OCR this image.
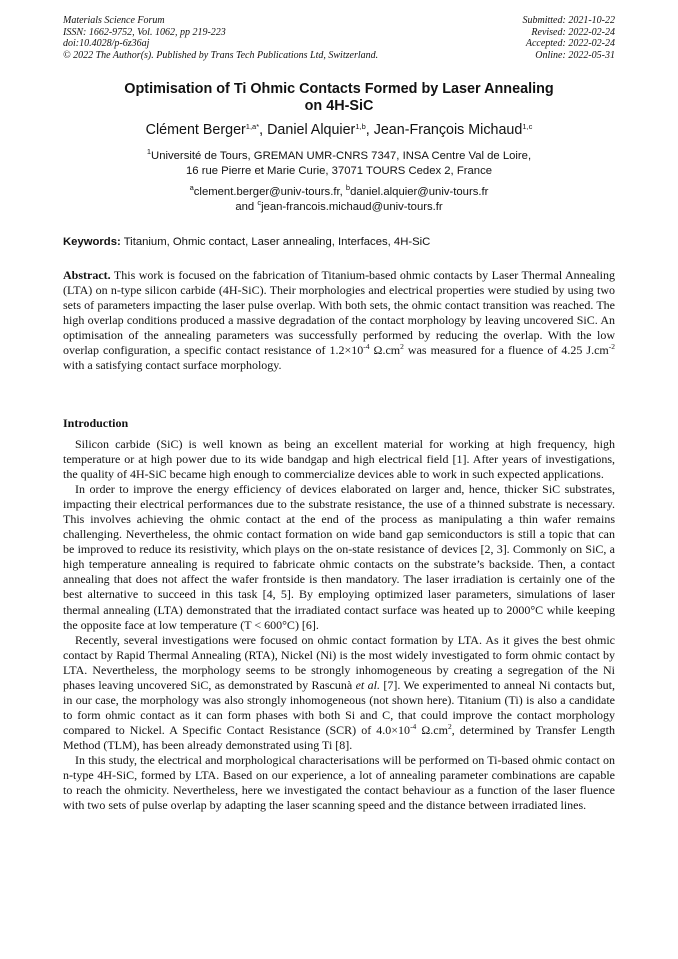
Materials Science Forum
ISSN: 1662-9752, Vol. 1062, pp 219-223
doi:10.4028/p-6z36aj
© 2022 The Author(s). Published by Trans Tech Publications Ltd, Switzerland.
Submitted: 2021-10-22
Revised: 2022-02-24
Accepted: 2022-02-24
Online: 2022-05-31
Optimisation of Ti Ohmic Contacts Formed by Laser Annealing
on 4H-SiC
Clément Berger$^{1,a*}$, Daniel Alquier$^{1,b}$, Jean-François Michaud$^{1,c}$
$^1$Université de Tours, GREMAN UMR-CNRS 7347, INSA Centre Val de Loire,
16 rue Pierre et Marie Curie, 37071 TOURS Cedex 2, France
$^a$clement.berger@univ-tours.fr, $^b$daniel.alquier@univ-tours.fr
and $^c$jean-francois.michaud@univ-tours.fr
Keywords: Titanium, Ohmic contact, Laser annealing, Interfaces, 4H-SiC

Abstract. This work is focused on the fabrication of Titanium-based ohmic contacts by Laser Thermal Annealing (LTA) on n-type silicon carbide (4H-SiC). Their morphologies and electrical properties were studied by using two sets of parameters impacting the laser pulse overlap. With both sets, the ohmic contact transition was reached. The high overlap conditions produced a massive degradation of the contact morphology by leaving uncovered SiC. An optimisation of the annealing parameters was successfully performed by reducing the overlap. With the low overlap configuration, a specific contact resistance of $1.2\times 10^{-4}$ $\Omega.cm^2$ was measured for a fluence of 4.25 $J.cm^{-2}$ with a satisfying contact surface morphology.

Introduction

Silicon carbide (SiC) is well known as being an excellent material for working at high frequency, high temperature or at high power due to its wide bandgap and high electrical field [1]. After years of investigations, the quality of 4H-SiC became high enough to commercialize devices able to work in such expected applications.

In order to improve the energy efficiency of devices elaborated on larger and, hence, thicker SiC substrates, impacting their electrical performances due to the substrate resistance, the use of a thinned substrate is necessary. This involves achieving the ohmic contact at the end of the process as manipulating a thin wafer remains challenging. Nevertheless, the ohmic contact formation on wide band gap semiconductors is still a topic that can be improved to reduce its resistivity, which plays on the on-state resistance of devices [2, 3]. Commonly on SiC, a high temperature annealing is required to fabricate ohmic contacts on the substrate’s backside. Then, a contact annealing that does not affect the wafer frontside is then mandatory. The laser irradiation is certainly one of the best alternative to succeed in this task [4, 5]. By employing optimized laser parameters, simulations of laser thermal annealing (LTA) demonstrated that the irradiated contact surface was heated up to 2000°C while keeping the opposite face at low temperature (T < 600°C) [6].

Recently, several investigations were focused on ohmic contact formation by LTA. As it gives the best ohmic contact by Rapid Thermal Annealing (RTA), Nickel (Ni) is the most widely investigated to form ohmic contact by LTA. Nevertheless, the morphology seems to be strongly inhomogeneous by creating a segregation of the Ni phases leaving uncovered SiC, as demonstrated by Rascunà et al. [7]. We experimented to anneal Ni contacts but, in our case, the morphology was also strongly inhomogeneous (not shown here). Titanium (Ti) is also a candidate to form ohmic contact as it can form phases with both Si and C, that could improve the contact morphology compared to Nickel. A Specific Contact Resistance (SCR) of $4.0\times 10^{-4}$ $\Omega.cm^2$, determined by Transfer Length Method (TLM), has been already demonstrated using Ti [8].

In this study, the electrical and morphological characterisations will be performed on Ti-based ohmic contact on n-type 4H-SiC, formed by LTA. Based on our experience, a lot of annealing parameter combinations are capable to reach the ohmicity. Nevertheless, here we investigated the contact behaviour as a function of the laser fluence with two sets of pulse overlap by adapting the laser scanning speed and the distance between irradiated lines.
